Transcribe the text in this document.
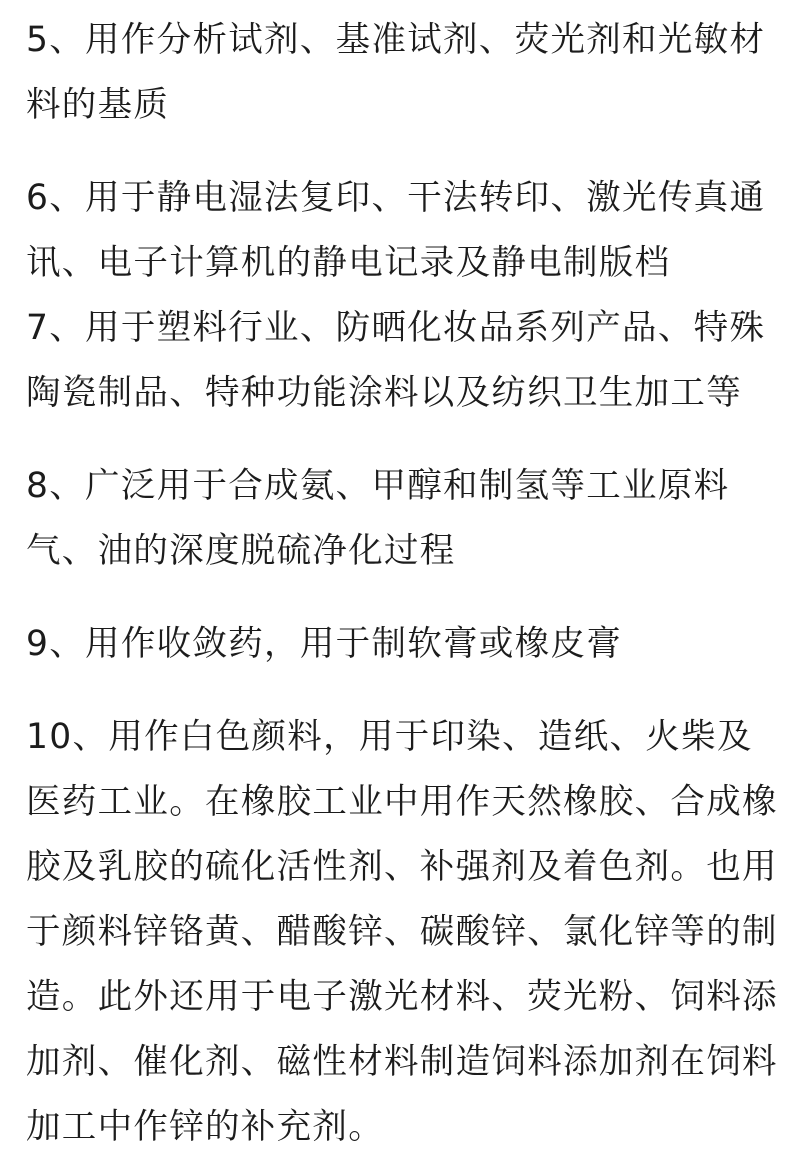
5、用作分析试剂、基准试剂、荧光剂和光敏材料的基质

6、用于静电湿法复印、干法转印、激光传真通讯、电子计算机的静电记录及静电制版档

7、用于塑料行业、防晒化妆品系列产品、特殊陶瓷制品、特种功能涂料以及纺织卫生加工等

8、广泛用于合成氨、甲醇和制氢等工业原料气、油的深度脱硫净化过程

9、用作收敛药，用于制软膏或橡皮膏

10、用作白色颜料，用于印染、造纸、火柴及医药工业。在橡胶工业中用作天然橡胶、合成橡胶及乳胶的硫化活性剂、补强剂及着色剂。也用于颜料锌铬黄、醋酸锌、碳酸锌、氯化锌等的制造。此外还用于电子激光材料、荧光粉、饲料添加剂、催化剂、磁性材料制造饲料添加剂在饲料加工中作锌的补充剂。
